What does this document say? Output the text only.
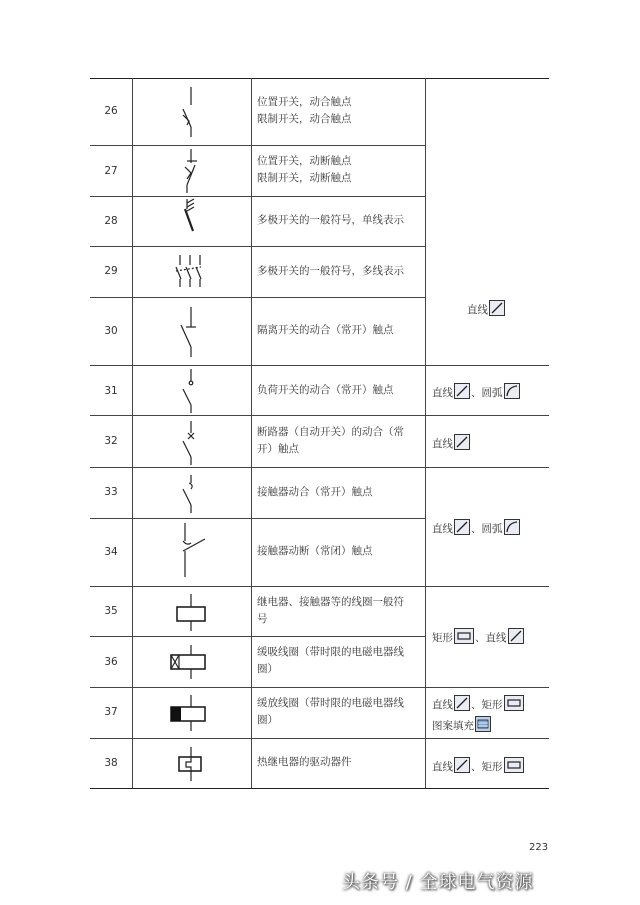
26
27
28
29
30
31
32
33
34
35
36
37
38
位置开关，动合触点
限制开关，动合触点
位置开关，动断触点
限制开关，动断触点
多极开关的一般符号，单线表示
多极开关的一般符号，多线表示
隔离开关的动合（常开）触点
负荷开关的动合（常开）触点
断路器（自动开关）的动合（常
开）触点
接触器动合（常开）触点
接触器动断（常闭）触点
继电器、接触器等的线圈一般符
号
缓吸线圈（带时限的电磁电器线
圈）
缓放线圈（带时限的电磁电器线
圈）
热继电器的驱动器件
直线
直线 、圆弧
直线
直线 、圆弧
矩形 、直线
直线 、矩形
图案填充
直线 、矩形
223
头条号 / 全球电气资源
